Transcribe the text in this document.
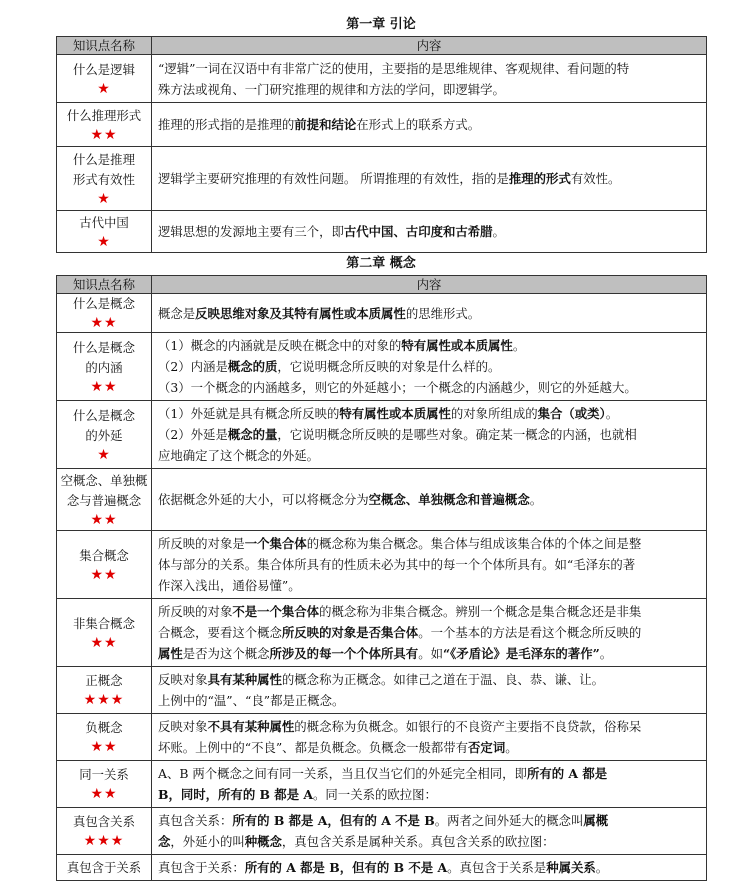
第一章 引论
知识点名称	内容

什么是逻辑
★	“逻辑”一词在汉语中有非常广泛的使用，主要指的是思维规律、客观规律、看问题的特
殊方法或视角、一门研究推理的规律和方法的学问，即逻辑学。

什么推理形式
★★	推理的形式指的是推理的前提和结论在形式上的联系方式。

什么是推理
形式有效性
★	逻辑学主要研究推理的有效性问题。 所谓推理的有效性，指的是推理的形式有效性。

古代中国
★	逻辑思想的发源地主要有三个，即古代中国、古印度和古希腊。
第二章 概念
知识点名称	内容

什么是概念
★★	概念是反映思维对象及其特有属性或本质属性的思维形式。

什么是概念
的内涵
★★	（1）概念的内涵就是反映在概念中的对象的特有属性或本质属性。
（2）内涵是概念的质，它说明概念所反映的对象是什么样的。
（3）一个概念的内涵越多，则它的外延越小；一个概念的内涵越少，则它的外延越大。

什么是概念
的外延
★	（1）外延就是具有概念所反映的特有属性或本质属性的对象所组成的集合（或类）。
（2）外延是概念的量，它说明概念所反映的是哪些对象。确定某一概念的内涵，也就相
应地确定了这个概念的外延。

空概念、单独概
念与普遍概念
★★	依据概念外延的大小，可以将概念分为空概念、单独概念和普遍概念。

集合概念
★★	所反映的对象是一个集合体的概念称为集合概念。集合体与组成该集合体的个体之间是整
体与部分的关系。集合体所具有的性质未必为其中的每一个个体所具有。如“毛泽东的著
作深入浅出，通俗易懂”。

非集合概念
★★	所反映的对象不是一个集合体的概念称为非集合概念。辨别一个概念是集合概念还是非集
合概念，要看这个概念所反映的对象是否集合体。一个基本的方法是看这个概念所反映的
属性是否为这个概念所涉及的每一个个体所具有。如“《矛盾论》是毛泽东的著作”。

正概念
★★★	反映对象具有某种属性的概念称为正概念。如律己之道在于温、良、恭、谦、让。
上例中的“温”、“良”都是正概念。

负概念
★★	反映对象不具有某种属性的概念称为负概念。如银行的不良资产主要指不良贷款，俗称呆
坏账。上例中的“不良”、都是负概念。负概念一般都带有否定词。

同一关系
★★	A、B 两个概念之间有同一关系，当且仅当它们的外延完全相同，即所有的 A 都是
B，同时，所有的 B 都是 A。同一关系的欧拉图：

真包含关系
★★★	真包含关系：所有的 B 都是 A，但有的 A 不是 B。两者之间外延大的概念叫属概
念，外延小的叫种概念，真包含关系是属种关系。真包含关系的欧拉图：

真包含于关系	真包含于关系：所有的 A 都是 B，但有的 B 不是 A。真包含于关系是种属关系。
